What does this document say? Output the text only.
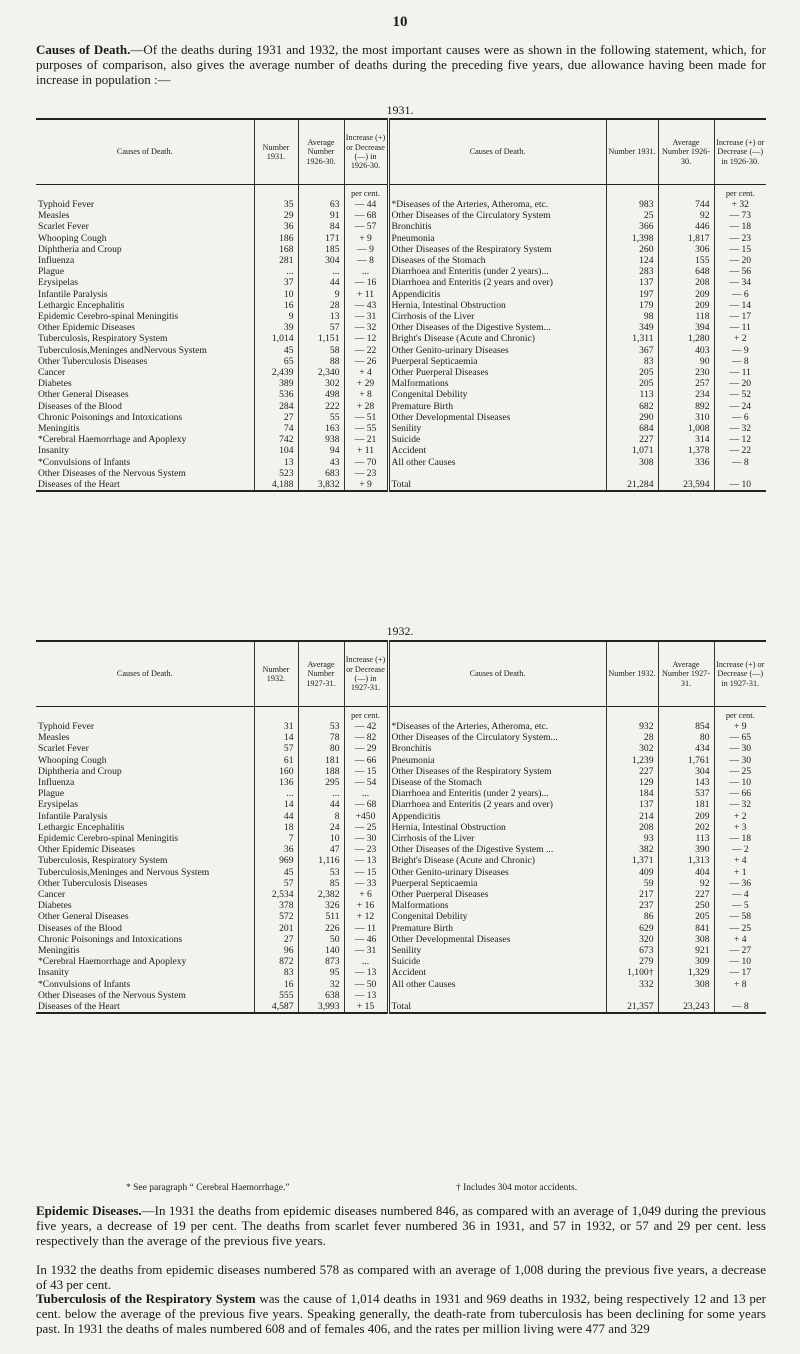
10
Causes of Death.—Of the deaths during 1931 and 1932, the most important causes were as shown in the following statement, which, for purposes of comparison, also gives the average number of deaths during the preceding five years, due allowance having been made for increase in population :—
1931.
Causes of Death.	Number 1931.	Average Number 1926-30.	Increase (+) or Decrease (—) in 1926-30.	Causes of Death.	Number 1931.	Average Number 1926-30.	Increase (+) or Decrease (—) in 1926-30.
			per cent.				per cent.
Typhoid Fever	35	63	— 44	*Diseases of the Arteries, Atheroma, etc.	983	744	+ 32
Measles	29	91	— 68	Other Diseases of the Circulatory System	25	92	— 73
Scarlet Fever	36	84	— 57	Bronchitis	366	446	— 18
Whooping Cough	186	171	+ 9	Pneumonia	1,398	1,817	— 23
Diphtheria and Croup	168	185	— 9	Other Diseases of the Respiratory System	260	306	— 15
Influenza	281	304	— 8	Diseases of the Stomach	124	155	— 20
Plague	...	...	...	Diarrhoea and Enteritis (under 2 years)...	283	648	— 56
Erysipelas	37	44	— 16	Diarrhoea and Enteritis (2 years and over)	137	208	— 34
Infantile Paralysis	10	9	+ 11	Appendicitis	197	209	— 6
Lethargic Encephalitis	16	28	— 43	Hernia, Intestinal Obstruction	179	209	— 14
Epidemic Cerebro-spinal Meningitis	9	13	— 31	Cirrhosis of the Liver	98	118	— 17
Other Epidemic Diseases	39	57	— 32	Other Diseases of the Digestive System...	349	394	— 11
Tuberculosis, Respiratory System	1,014	1,151	— 12	Bright's Disease (Acute and Chronic)	1,311	1,280	+ 2
Tuberculosis,Meninges andNervous System	45	58	— 22	Other Genito-urinary Diseases	367	403	— 9
Other Tuberculosis Diseases	65	88	— 26	Puerperal Septicaemia	83	90	— 8
Cancer	2,439	2,340	+ 4	Other Puerperal Diseases	205	230	— 11
Diabetes	389	302	+ 29	Malformations	205	257	— 20
Other General Diseases	536	498	+ 8	Congenital Debility	113	234	— 52
Diseases of the Blood	284	222	+ 28	Premature Birth	682	892	— 24
Chronic Poisonings and Intoxications	27	55	— 51	Other Developmental Diseases	290	310	— 6
Meningitis	74	163	— 55	Senility	684	1,008	— 32
*Cerebral Haemorrhage and Apoplexy	742	938	— 21	Suicide	227	314	— 12
Insanity	104	94	+ 11	Accident	1,071	1,378	— 22
*Convulsions of Infants	13	43	— 70	All other Causes	308	336	— 8
Other Diseases of the Nervous System	523	683	— 23				
Diseases of the Heart	4,188	3,832	+ 9	Total	21,284	23,594	— 10
1932.
Causes of Death.	Number 1932.	Average Number 1927-31.	Increase (+) or Decrease (—) in 1927-31.	Causes of Death.	Number 1932.	Average Number 1927-31.	Increase (+) or Decrease (—) in 1927-31.
			per cent.				per cent.
Typhoid Fever	31	53	— 42	*Diseases of the Arteries, Atheroma, etc.	932	854	+ 9
Measles	14	78	— 82	Other Diseases of the Circulatory System...	28	80	— 65
Scarlet Fever	57	80	— 29	Bronchitis	302	434	— 30
Whooping Cough	61	181	— 66	Pneumonia	1,239	1,761	— 30
Diphtheria and Croup	160	188	— 15	Other Diseases of the Respiratory System	227	304	— 25
Influenza	136	295	— 54	Disease of the Stomach	129	143	— 10
Plague	...	...	...	Diarrhoea and Enteritis (under 2 years)...	184	537	— 66
Erysipelas	14	44	— 68	Diarrhoea and Enteritis (2 years and over)	137	181	— 32
Infantile Paralysis	44	8	+450	Appendicitis	214	209	+ 2
Lethargic Encephalitis	18	24	— 25	Hernia, Intestinal Obstruction	208	202	+ 3
Epidemic Cerebro-spinal Meningitis	7	10	— 30	Cirrhosis of the Liver	93	113	— 18
Other Epidemic Diseases	36	47	— 23	Other Diseases of the Digestive System ...	382	390	— 2
Tuberculosis, Respiratory System	969	1,116	— 13	Bright's Disease (Acute and Chronic)	1,371	1,313	+ 4
Tuberculosis,Meninges and Nervous System	45	53	— 15	Other Genito-urinary Diseases	409	404	+ 1
Other Tuberculosis Diseases	57	85	— 33	Puerperal Septicaemia	59	92	— 36
Cancer	2,534	2,382	+ 6	Other Puerperal Diseases	217	227	— 4
Diabetes	378	326	+ 16	Malformations	237	250	— 5
Other General Diseases	572	511	+ 12	Congenital Debility	86	205	— 58
Diseases of the Blood	201	226	— 11	Premature Birth	629	841	— 25
Chronic Poisonings and Intoxications	27	50	— 46	Other Developmental Diseases	320	308	+ 4
Meningitis	96	140	— 31	Senility	673	921	— 27
*Cerebral Haemorrhage and Apoplexy	872	873	...	Suicide	279	309	— 10
Insanity	83	95	— 13	Accident	1,100†	1,329	— 17
*Convulsions of Infants	16	32	— 50	All other Causes	332	308	+ 8
Other Diseases of the Nervous System	555	638	— 13				
Diseases of the Heart	4,587	3,993	+ 15	Total	21,357	23,243	— 8
* See paragraph “ Cerebral Haemorrhage.”	† Includes 304 motor accidents.
Epidemic Diseases.—In 1931 the deaths from epidemic diseases numbered 846, as compared with an average of 1,049 during the previous five years, a decrease of 19 per cent. The deaths from scarlet fever numbered 36 in 1931, and 57 in 1932, or 57 and 29 per cent. less respectively than the average of the previous five years.
In 1932 the deaths from epidemic diseases numbered 578 as compared with an average of 1,008 during the previous five years, a decrease of 43 per cent.
Tuberculosis of the Respiratory System was the cause of 1,014 deaths in 1931 and 969 deaths in 1932, being respectively 12 and 13 per cent. below the average of the previous five years. Speaking generally, the death-rate from tuberculosis has been declining for some years past. In 1931 the deaths of males numbered 608 and of females 406, and the rates per million living were 477 and 329
